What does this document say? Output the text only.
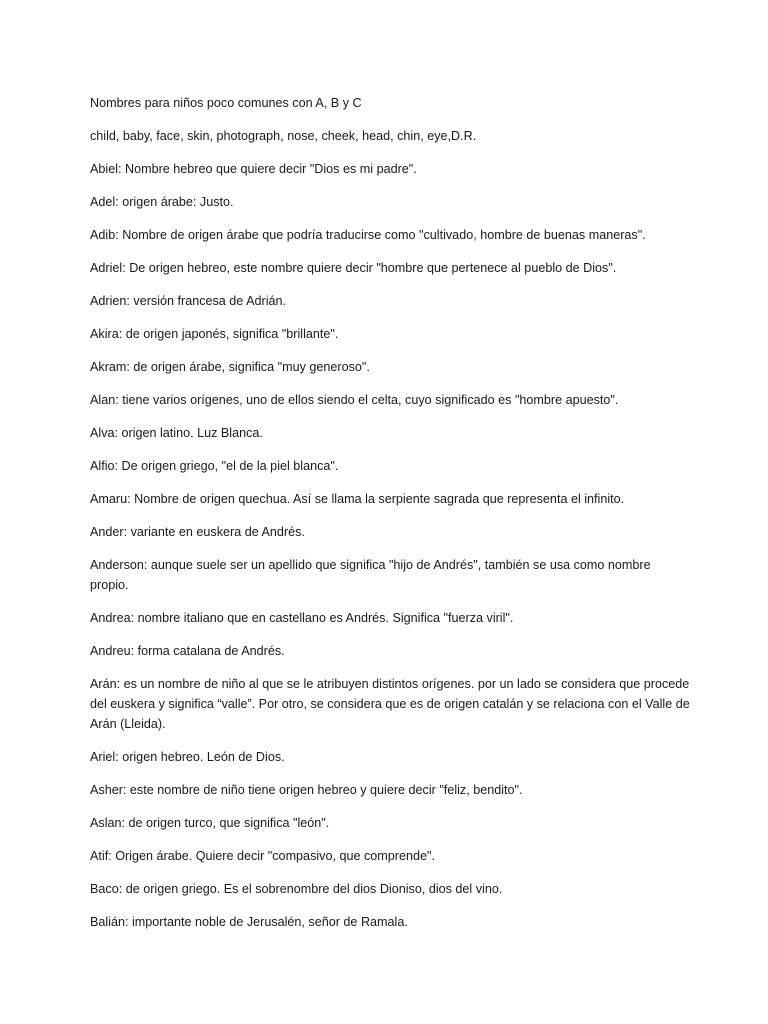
Nombres para niños poco comunes con A, B y C

child, baby, face, skin, photograph, nose, cheek, head, chin, eye,D.R.

Abiel: Nombre hebreo que quiere decir "Dios es mi padre".

Adel: origen árabe: Justo.

Adib: Nombre de origen árabe que podría traducirse como "cultivado, hombre de buenas maneras".

Adriel: De origen hebreo, este nombre quiere decir "hombre que pertenece al pueblo de Dios".

Adrien: versión francesa de Adrián.

Akira: de origen japonés, significa "brillante".

Akram: de origen árabe, significa "muy generoso".

Alan: tiene varios orígenes, uno de ellos siendo el celta, cuyo significado es "hombre apuesto".

Alva: origen latino. Luz Blanca.

Alfio: De origen griego, "el de la piel blanca".

Amaru: Nombre de origen quechua. Así se llama la serpiente sagrada que representa el infinito.

Ander: variante en euskera de Andrés.

Anderson: aunque suele ser un apellido que significa "hijo de Andrés", también se usa como nombre propio.

Andrea: nombre italiano que en castellano es Andrés. Significa "fuerza viril".

Andreu: forma catalana de Andrés.

Arán: es un nombre de niño al que se le atribuyen distintos orígenes. por un lado se considera que procede del euskera y significa “valle”. Por otro, se considera que es de origen catalán y se relaciona con el Valle de Arán (Lleida).

Ariel: origen hebreo. León de Dios.

Asher: este nombre de niño tiene origen hebreo y quiere decir "feliz, bendito".

Aslan: de origen turco, que significa "león".

Atif: Origen árabe. Quiere decir "compasivo, que comprende".

Baco: de origen griego. Es el sobrenombre del dios Dioniso, dios del vino.

Balián: importante noble de Jerusalén, señor de Ramala.
